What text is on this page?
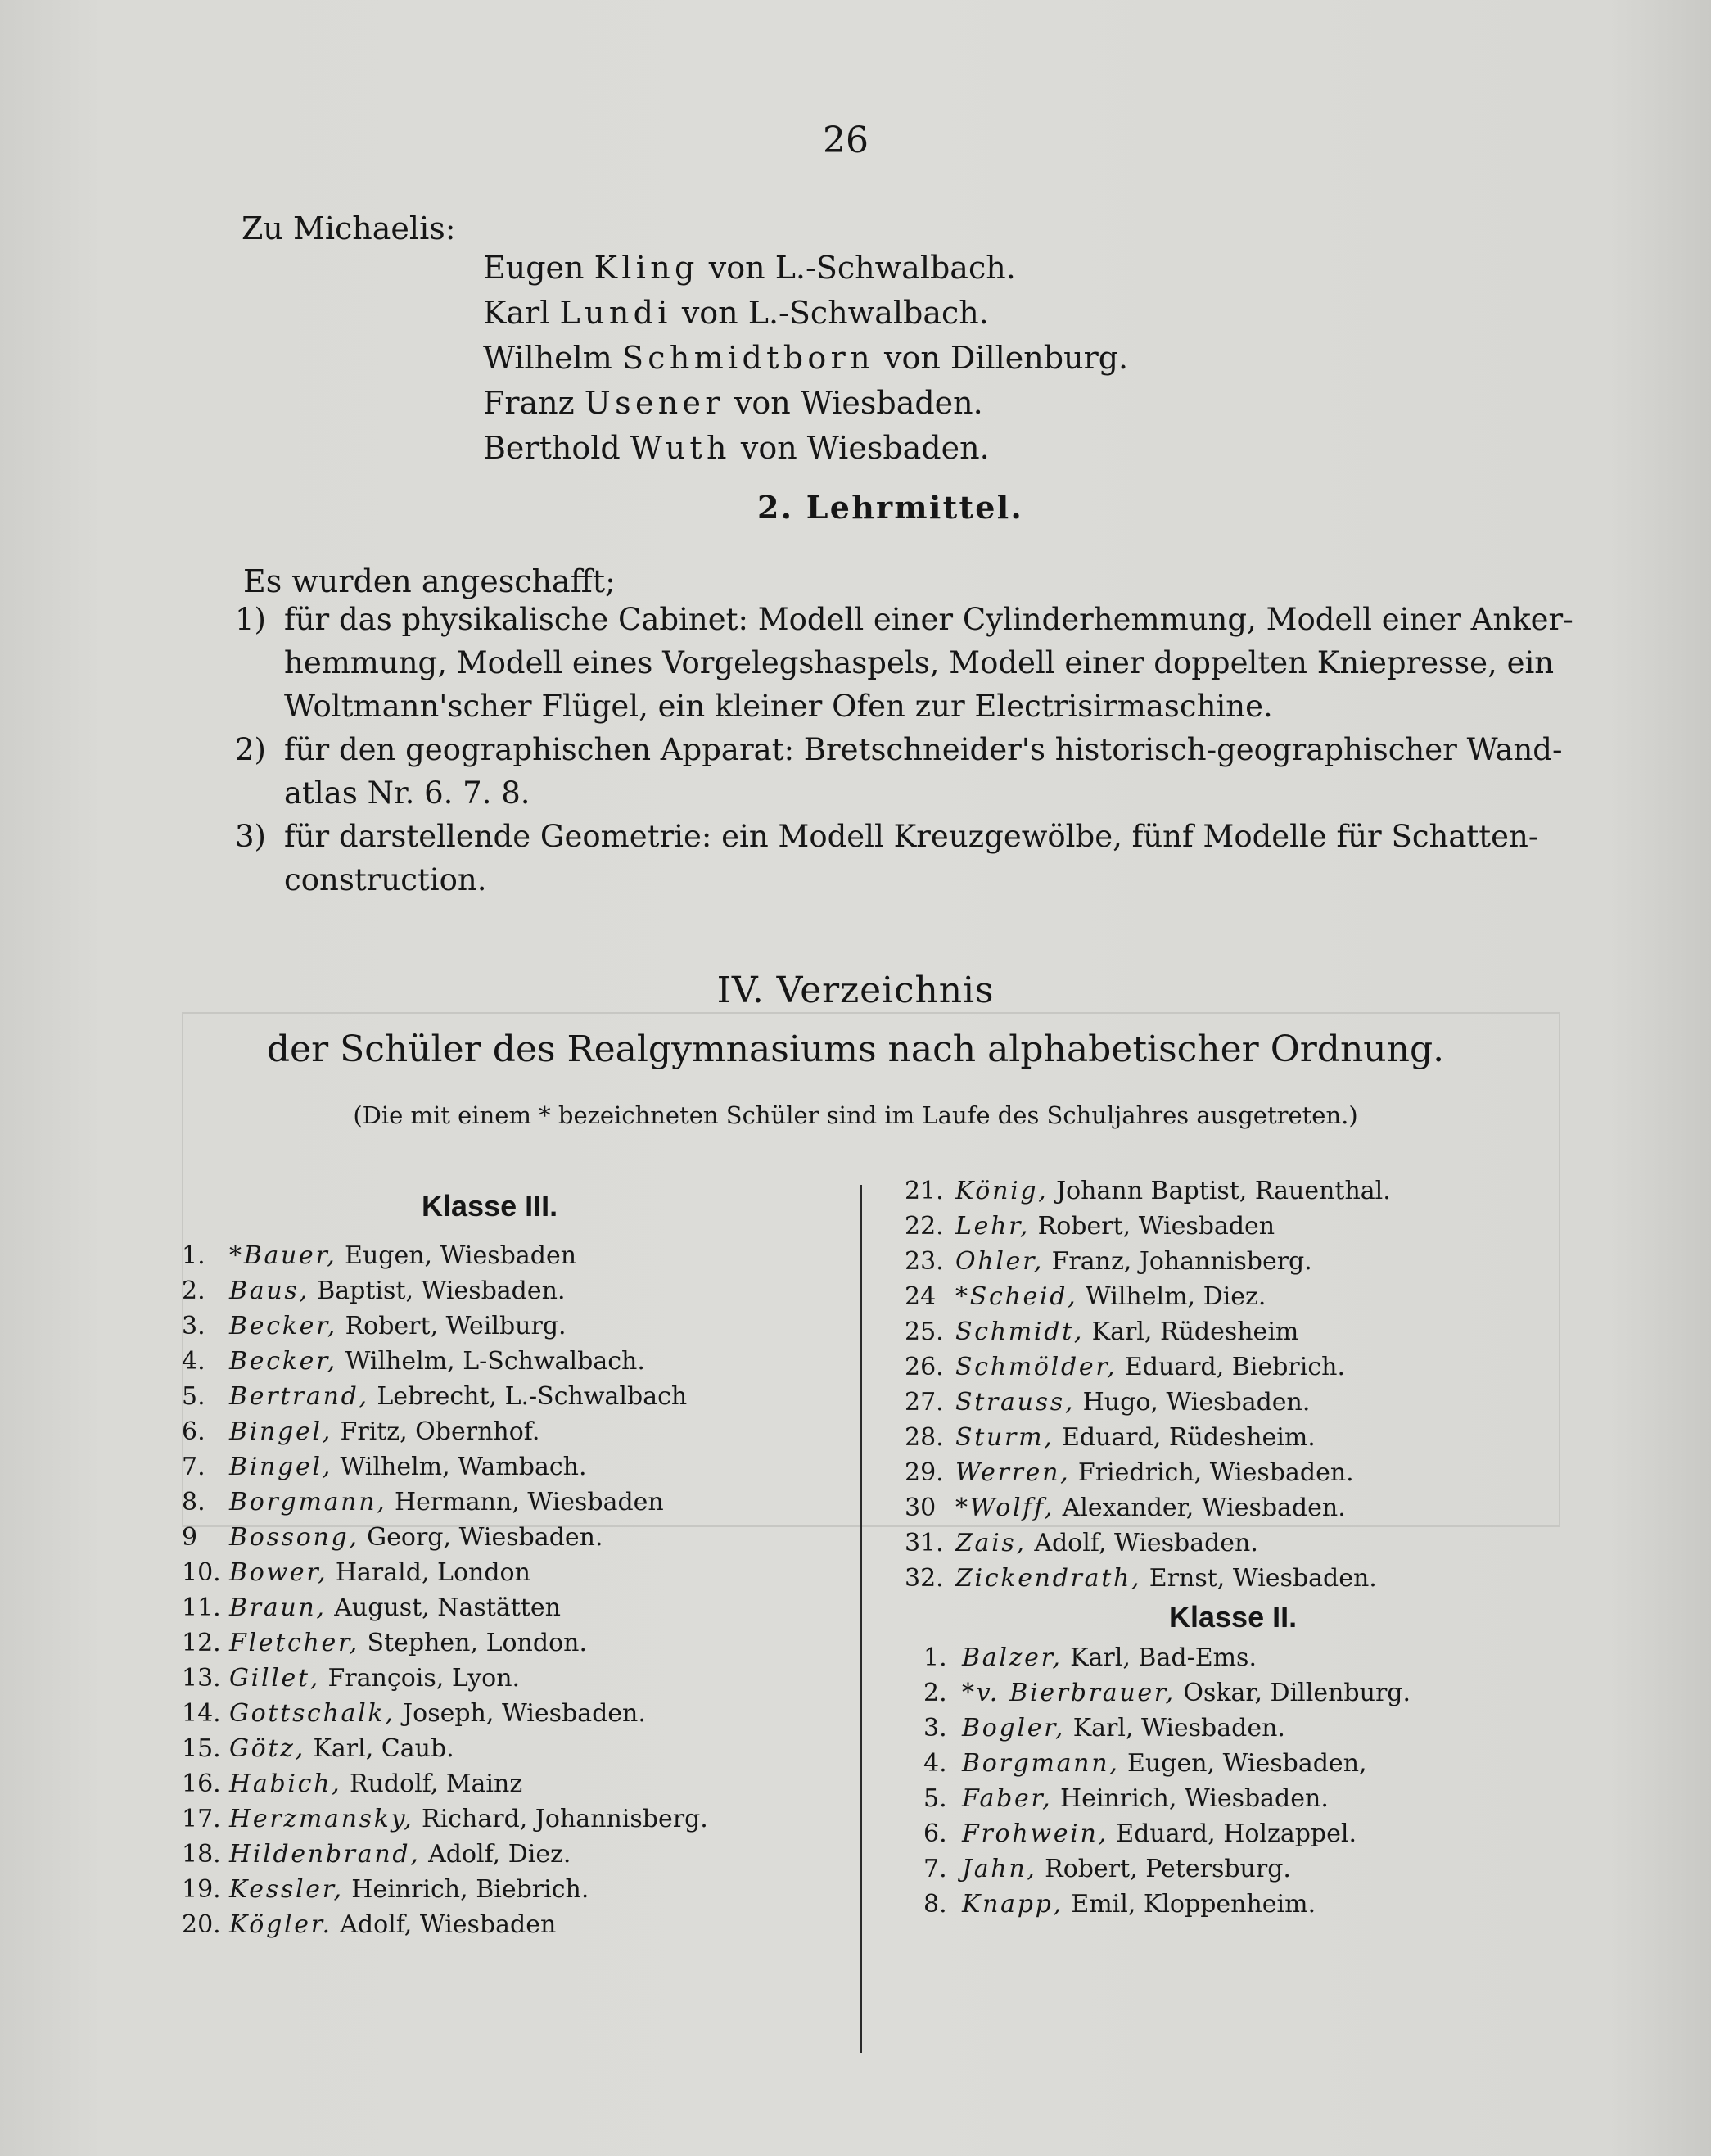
26
Zu Michaelis:
Eugen Kling von L.-Schwalbach.
Karl Lundi von L.-Schwalbach.
Wilhelm Schmidtborn von Dillenburg.
Franz Usener von Wiesbaden.
Berthold Wuth von Wiesbaden.
2. Lehrmittel.
Es wurden angeschafft;
1) für das physikalische Cabinet: Modell einer Cylinderhemmung, Modell einer Anker-
hemmung, Modell eines Vorgelegshaspels, Modell einer doppelten Kniepresse, ein
Woltmann'scher Flügel, ein kleiner Ofen zur Electrisirmaschine.
2) für den geographischen Apparat: Bretschneider's historisch-geographischer Wand-
atlas Nr. 6. 7. 8.
3) für darstellende Geometrie: ein Modell Kreuzgewölbe, fünf Modelle für Schatten-
construction.
IV. Verzeichnis
der Schüler des Realgymnasiums nach alphabetischer Ordnung.
(Die mit einem * bezeichneten Schüler sind im Laufe des Schuljahres ausgetreten.)
Klasse III.
1. *Bauer, Eugen, Wiesbaden
2. Baus, Baptist, Wiesbaden.
3. Becker, Robert, Weilburg.
4. Becker, Wilhelm, L-Schwalbach.
5. Bertrand, Lebrecht, L.-Schwalbach
6. Bingel, Fritz, Obernhof.
7. Bingel, Wilhelm, Wambach.
8. Borgmann, Hermann, Wiesbaden
9 Bossong, Georg, Wiesbaden.
10. Bower, Harald, London
11. Braun, August, Nastätten
12. Fletcher, Stephen, London.
13. Gillet, François, Lyon.
14. Gottschalk, Joseph, Wiesbaden.
15. Götz, Karl, Caub.
16. Habich, Rudolf, Mainz
17. Herzmansky, Richard, Johannisberg.
18. Hildenbrand, Adolf, Diez.
19. Kessler, Heinrich, Biebrich.
20. Kögler. Adolf, Wiesbaden
21. König, Johann Baptist, Rauenthal.
22. Lehr, Robert, Wiesbaden
23. Ohler, Franz, Johannisberg.
24 *Scheid, Wilhelm, Diez.
25. Schmidt, Karl, Rüdesheim
26. Schmölder, Eduard, Biebrich.
27. Strauss, Hugo, Wiesbaden.
28. Sturm, Eduard, Rüdesheim.
29. Werren, Friedrich, Wiesbaden.
30 *Wolff, Alexander, Wiesbaden.
31. Zais, Adolf, Wiesbaden.
32. Zickendrath, Ernst, Wiesbaden.
Klasse II.
1. Balzer, Karl, Bad-Ems.
2. *v. Bierbrauer, Oskar, Dillenburg.
3. Bogler, Karl, Wiesbaden.
4. Borgmann, Eugen, Wiesbaden,
5. Faber, Heinrich, Wiesbaden.
6. Frohwein, Eduard, Holzappel.
7. Jahn, Robert, Petersburg.
8. Knapp, Emil, Kloppenheim.
